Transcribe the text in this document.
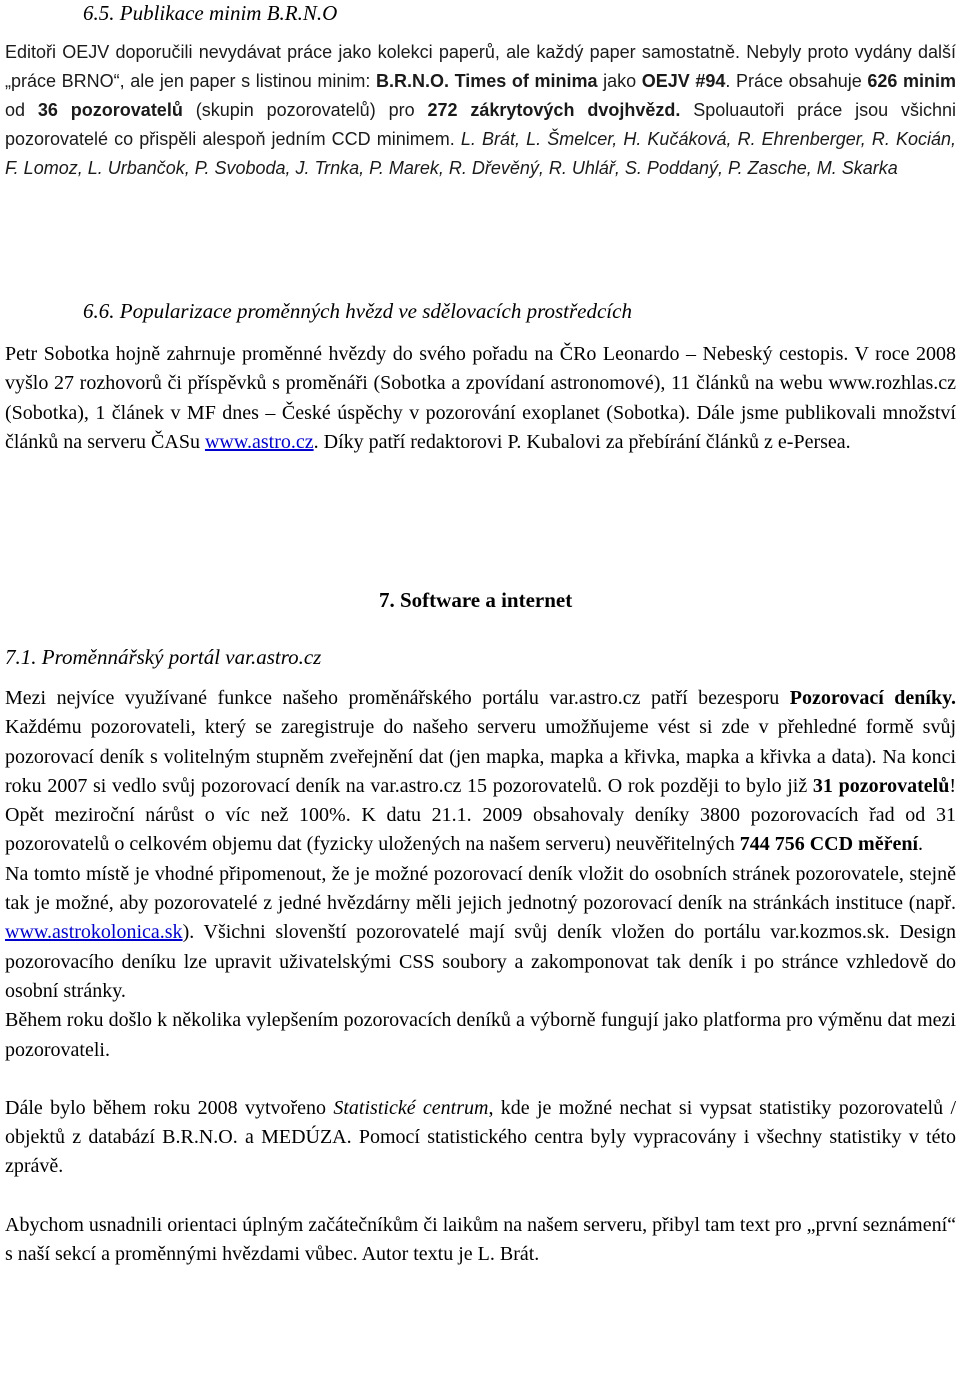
6.5. Publikace minim B.R.N.O

Editoři OEJV doporučili nevydávat práce jako kolekci paperů, ale každý paper samostatně. Nebyly proto vydány další „práce BRNO“, ale jen paper s listinou minim: B.R.N.O. Times of minima jako OEJV #94. Práce obsahuje 626 minim od 36 pozorovatelů (skupin pozorovatelů) pro 272 zákrytových dvojhvězd. Spoluautoři práce jsou všichni pozorovatelé co přispěli alespoň jedním CCD minimem. L. Brát, L. Šmelcer, H. Kučáková, R. Ehrenberger, R. Kocián, F. Lomoz, L. Urbančok, P. Svoboda, J. Trnka, P. Marek, R. Dřevěný, R. Uhlář, S. Poddaný, P. Zasche, M. Skarka

6.6. Popularizace proměnných hvězd ve sdělovacích prostředcích

Petr Sobotka hojně zahrnuje proměnné hvězdy do svého pořadu na ČRo Leonardo – Nebeský cestopis. V roce 2008 vyšlo 27 rozhovorů či příspěvků s proměnáři (Sobotka a zpovídaní astronomové), 11 článků na webu www.rozhlas.cz (Sobotka), 1 článek v MF dnes – České úspěchy v pozorování exoplanet (Sobotka). Dále jsme publikovali množství článků na serveru ČASu www.astro.cz. Díky patří redaktorovi P. Kubalovi za přebírání článků z e-Persea.

7. Software a internet
7.1. Proměnnářský portál var.astro.cz

Mezi nejvíce využívané funkce našeho proměnářského portálu var.astro.cz patří bezesporu Pozorovací deníky. Každému pozorovateli, který se zaregistruje do našeho serveru umožňujeme vést si zde v přehledné formě svůj pozorovací deník s volitelným stupněm zveřejnění dat (jen mapka, mapka a křivka, mapka a křivka a data). Na konci roku 2007 si vedlo svůj pozorovací deník na var.astro.cz 15 pozorovatelů. O rok později to bylo již 31 pozorovatelů! Opět meziroční nárůst o víc než 100%. K datu 21.1. 2009 obsahovaly deníky 3800 pozorovacích řad od 31 pozorovatelů o celkovém objemu dat (fyzicky uložených na našem serveru) neuvěřitelných 744 756 CCD měření.

Na tomto místě je vhodné připomenout, že je možné pozorovací deník vložit do osobních stránek pozorovatele, stejně tak je možné, aby pozorovatelé z jedné hvězdárny měli jejich jednotný pozorovací deník na stránkách instituce (např. www.astrokolonica.sk). Všichni slovenští pozorovatelé mají svůj deník vložen do portálu var.kozmos.sk. Design pozorovacího deníku lze upravit uživatelskými CSS soubory a zakomponovat tak deník i po stránce vzhledově do osobní stránky.

Během roku došlo k několika vylepšením pozorovacích deníků a výborně fungují jako platforma pro výměnu dat mezi pozorovateli.

Dále bylo během roku 2008 vytvořeno Statistické centrum, kde je možné nechat si vypsat statistiky pozorovatelů / objektů z databází B.R.N.O. a MEDÚZA. Pomocí statistického centra byly vypracovány i všechny statistiky v této zprávě.

Abychom usnadnili orientaci úplným začátečníkům či laikům na našem serveru, přibyl tam text pro „první seznámení“ s naší sekcí a proměnnými hvězdami vůbec. Autor textu je L. Brát.
